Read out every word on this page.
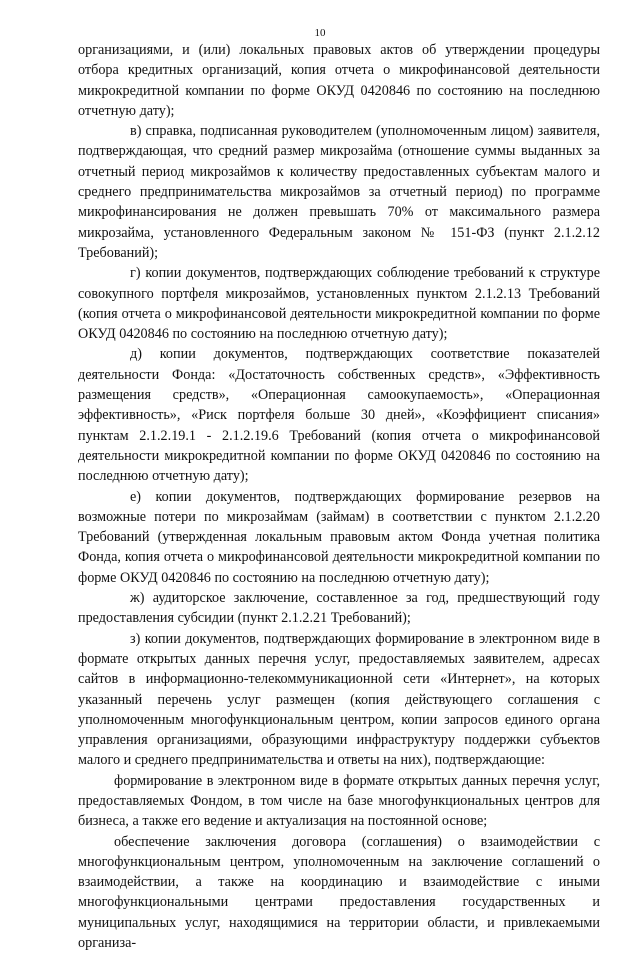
10

организациями, и (или) локальных правовых актов об утверждении процедуры отбора кредитных организаций, копия отчета о микрофинансовой деятельности микрокредитной компании по форме ОКУД 0420846 по состоянию на последнюю отчетную дату);

в) справка, подписанная руководителем (уполномоченным лицом) заявителя, подтверждающая, что средний размер микрозайма (отношение суммы выданных за отчетный период микрозаймов к количеству предоставленных субъектам малого и среднего предпринимательства микрозаймов за отчетный период) по программе микрофинансирования не должен превышать 70% от максимального размера микрозайма, установленного Федеральным законом № 151-ФЗ (пункт 2.1.2.12 Требований);

г) копии документов, подтверждающих соблюдение требований к структуре совокупного портфеля микрозаймов, установленных пунктом 2.1.2.13 Требований (копия отчета о микрофинансовой деятельности микрокредитной компании по форме ОКУД 0420846 по состоянию на последнюю отчетную дату);

д) копии документов, подтверждающих соответствие показателей деятельности Фонда: «Достаточность собственных средств», «Эффективность размещения средств», «Операционная самоокупаемость», «Операционная эффективность», «Риск портфеля больше 30 дней», «Коэффициент списания» пунктам 2.1.2.19.1 - 2.1.2.19.6 Требований (копия отчета о микрофинансовой деятельности микрокредитной компании по форме ОКУД 0420846 по состоянию на последнюю отчетную дату);

е) копии документов, подтверждающих формирование резервов на возможные потери по микрозаймам (займам) в соответствии с пунктом 2.1.2.20 Требований (утвержденная локальным правовым актом Фонда учетная политика Фонда, копия отчета о микрофинансовой деятельности микрокредитной компании по форме ОКУД 0420846 по состоянию на последнюю отчетную дату);

ж) аудиторское заключение, составленное за год, предшествующий году предоставления субсидии (пункт 2.1.2.21 Требований);

з) копии документов, подтверждающих формирование в электронном виде в формате открытых данных перечня услуг, предоставляемых заявителем, адресах сайтов в информационно-телекоммуникационной сети «Интернет», на которых указанный перечень услуг размещен (копия действующего соглашения с уполномоченным многофункциональным центром, копии запросов единого органа управления организациями, образующими инфраструктуру поддержки субъектов малого и среднего предпринимательства и ответы на них), подтверждающие:

формирование в электронном виде в формате открытых данных перечня услуг, предоставляемых Фондом, в том числе на базе многофункциональных центров для бизнеса, а также его ведение и актуализация на постоянной основе;

обеспечение заключения договора (соглашения) о взаимодействии с многофункциональным центром, уполномоченным на заключение соглашений о взаимодействии, а также на координацию и взаимодействие с иными многофункциональными центрами предоставления государственных и муниципальных услуг, находящимися на территории области, и привлекаемыми организа-
